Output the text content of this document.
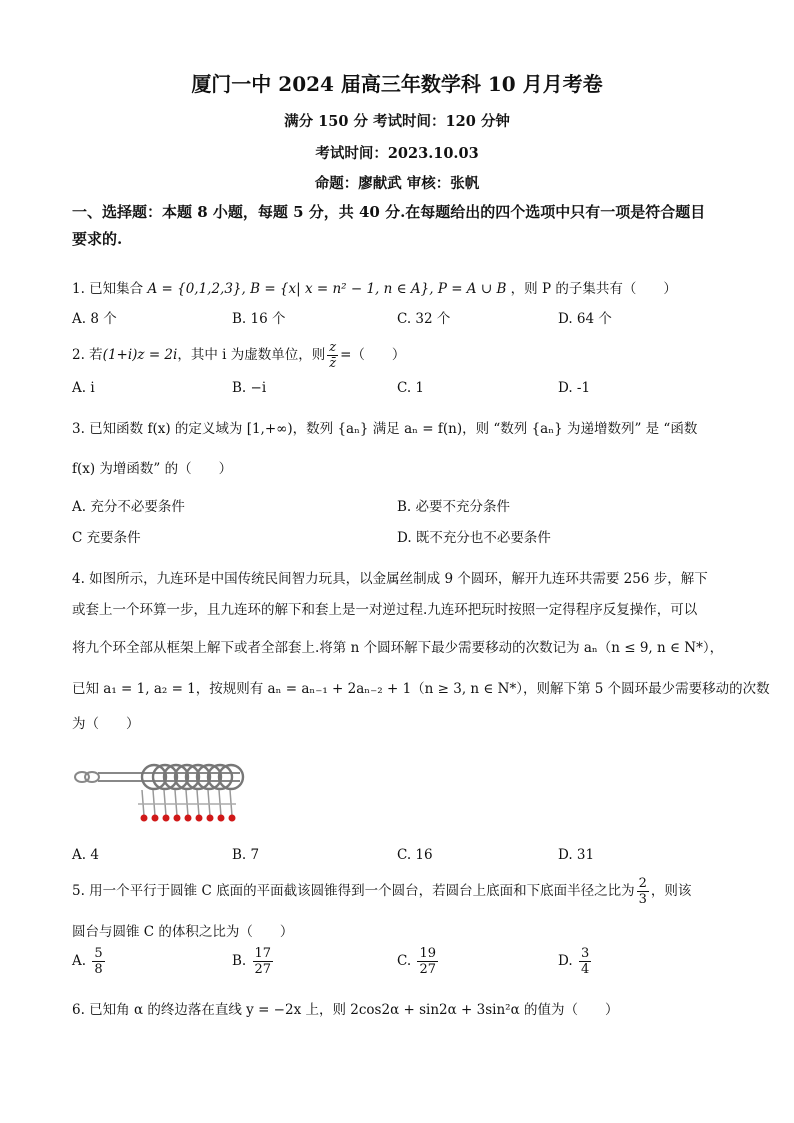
厦门一中 2024 届高三年数学科 10 月月考卷
满分 150 分 考试时间：120 分钟
考试时间：2023.10.03
命题：廖献武 审核：张帆
一、选择题：本题 8 小题，每题 5 分，共 40 分.在每题给出的四个选项中只有一项是符合题目
要求的.
1. 已知集合 A = {0,1,2,3}, B = {x| x = n² − 1, n ∈ A}, P = A ∪ B ，则 P 的子集共有（　　）
A. 8 个	B. 16 个	C. 32 个	D. 64 个
2. 若(1+i)z = 2i，其中 i 为虚数单位，则 $\frac{z}{z̄}$ =（　　）
A. i	B. −i	C. 1	D. -1
3. 已知函数 f(x) 的定义域为 [1,+∞)，数列 {aₙ} 满足 aₙ = f(n)，则 “数列 {aₙ} 为递增数列” 是 “函数
f(x) 为增函数” 的（　　）
A. 充分不必要条件	B. 必要不充分条件
C 充要条件	D. 既不充分也不必要条件
4. 如图所示，九连环是中国传统民间智力玩具，以金属丝制成 9 个圆环，解开九连环共需要 256 步，解下
或套上一个环算一步，且九连环的解下和套上是一对逆过程.九连环把玩时按照一定得程序反复操作，可以
将九个环全部从框架上解下或者全部套上.将第 n 个圆环解下最少需要移动的次数记为 aₙ（n ≤ 9, n ∈ N*），
已知 a₁ = 1, a₂ = 1，按规则有 aₙ = aₙ₋₁ + 2aₙ₋₂ + 1（n ≥ 3, n ∈ N*），则解下第 5 个圆环最少需要移动的次数
为（　　）
A. 4	B. 7	C. 16	D. 31
5. 用一个平行于圆锥 C 底面的平面截该圆锥得到一个圆台，若圆台上底面和下底面半径之比为 $\frac{2}{3}$ ，则该
圆台与圆锥 C 的体积之比为（　　）
A. $\frac{5}{8}$	B. $\frac{17}{27}$	C. $\frac{19}{27}$	D. $\frac{3}{4}$
6. 已知角 α 的终边落在直线 y = −2x 上，则 2cos2α + sin2α + 3sin²α 的值为（　　）
